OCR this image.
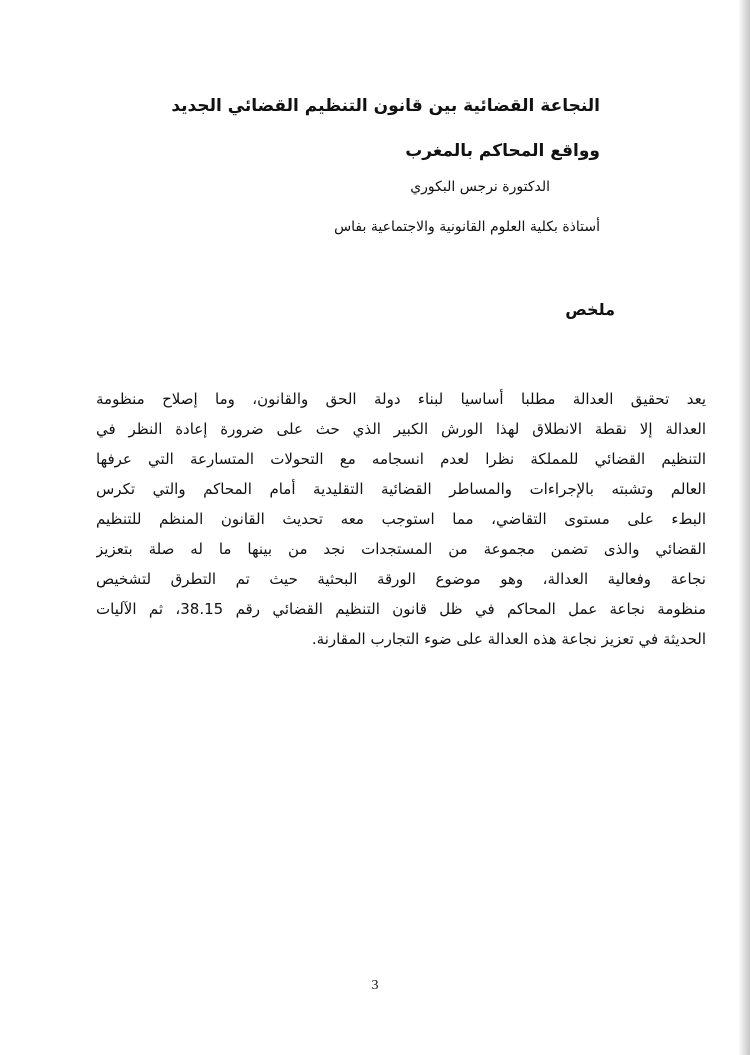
النجاعة القضائية بين قانون التنظيم القضائي الجديد
وواقع المحاكم بالمغرب
الدكتورة نرجس البكوري
أستاذة بكلية العلوم القانونية والاجتماعية بفاس
ملخص
يعد تحقيق العدالة مطلبا أساسيا لبناء دولة الحق والقانون، وما إصلاح منظومة
العدالة إلا نقطة الانطلاق لهذا الورش الكبير الذي حث على ضرورة إعادة النظر في
التنظيم القضائي للمملكة نظرا لعدم انسجامه مع التحولات المتسارعة التي عرفها
العالم وتشبته بالإجراءات والمساطر القضائية التقليدية أمام المحاكم والتي تكرس
البطء على مستوى التقاضي، مما استوجب معه تحديث القانون المنظم للتنظيم
القضائي والذى تضمن مجموعة من المستجدات نجد من بينها ما له صلة بتعزيز
نجاعة وفعالية العدالة، وهو موضوع الورقة البحثية حيث تم التطرق لتشخيص
منظومة نجاعة عمل المحاكم في ظل قانون التنظيم القضائي رقم 38.15، ثم الآليات
الحديثة في تعزيز نجاعة هذه العدالة على ضوء التجارب المقارنة.
3
